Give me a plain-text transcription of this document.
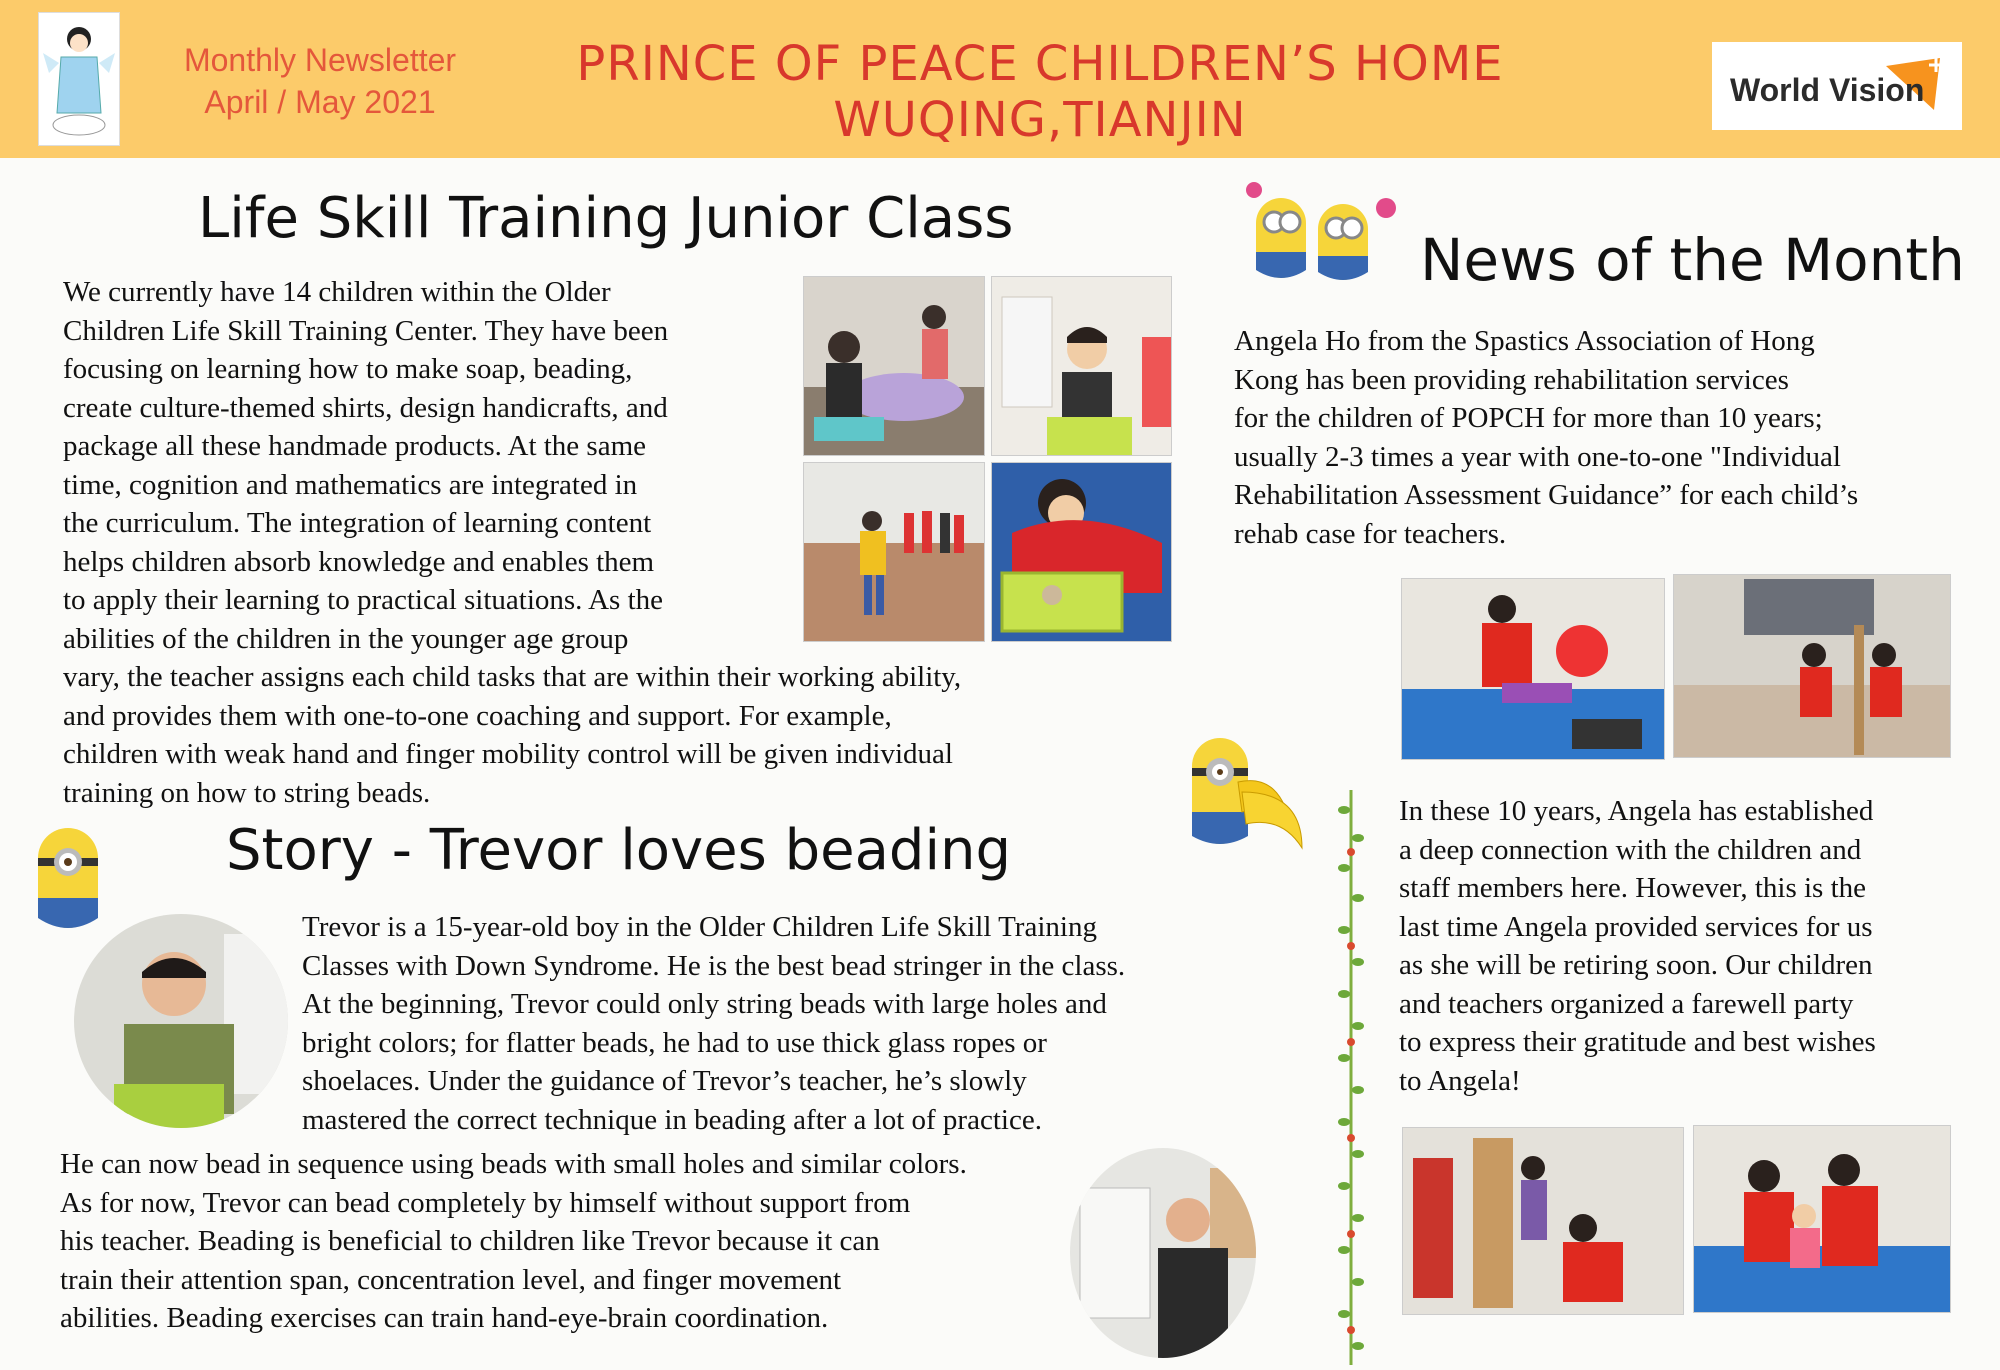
Monthly Newsletter
April / May 2021
PRINCE OF PEACE CHILDREN’S HOME
WUQING,TIANJIN
World Vision
Life Skill Training Junior Class
We currently have 14 children within the Older
Children Life Skill Training Center. They have been
focusing on learning how to make soap, beading,
create culture-themed shirts, design handicrafts, and
package all these handmade products. At the same
time, cognition and mathematics are integrated in
the curriculum. The integration of learning content
helps children absorb knowledge and enables them
to apply their learning to practical situations. As the
abilities of the children in the younger age group
vary, the teacher assigns each child tasks that are within their working ability,
and provides them with one-to-one coaching and support. For example,
children with weak hand and finger mobility control will be given individual
training on how to string beads.
Story - Trevor loves beading
Trevor is a 15-year-old boy in the Older Children Life Skill Training
Classes with Down Syndrome. He is the best bead stringer in the class.
At the beginning, Trevor could only string beads with large holes and
bright colors; for flatter beads, he had to use thick glass ropes or
shoelaces. Under the guidance of Trevor’s teacher, he’s slowly
mastered the correct technique in beading after a lot of practice.
He can now bead in sequence using beads with small holes and similar colors.
As for now, Trevor can bead completely by himself without support from
his teacher. Beading is beneficial to children like Trevor because it can
train their attention span, concentration level, and finger movement
abilities. Beading exercises can train hand-eye-brain coordination.
News of the Month
Angela Ho from the Spastics Association of Hong
Kong has been providing rehabilitation services
for the children of POPCH for more than 10 years;
usually 2-3 times a year with one-to-one "Individual
Rehabilitation Assessment Guidance” for each child’s
rehab case for teachers.
In these 10 years, Angela has established
a deep connection with the children and
staff members here. However, this is the
last time Angela provided services for us
as she will be retiring soon. Our children
and teachers organized a farewell party
to express their gratitude and best wishes
to Angela!
